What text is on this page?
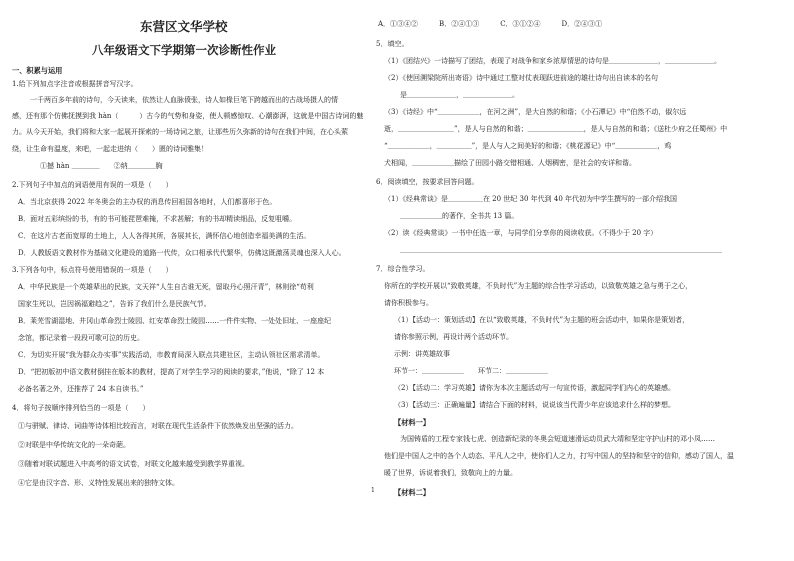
一、积累与运用
1.给下列加点字注音或根据拼音写汉字。
一千两百多年前的诗句，今天读来，依然让人血脉偾张，诗人如椽巨笔下跨越而出的古战场摄人的情
感，还有那个仿佛抚摸到我 hàn（　　　）古今的气势和身姿，使人顿感惊叹、心潮澎湃，这就是中国古诗词的魅
力。从今天开始，我们将和大家一起展开探索的一场诗词之旅，让那些历久弥新的诗句在我们中间，在心头萦
绕，让生命有温度，来吧，一起走进纳（　　）匮的诗词雅集！
①撼 hàn ＿＿＿＿　　②纳＿＿＿＿胸
2.下列句子中加点的词语使用有误的一项是（　　）
A．当北京获得 2022 年冬奥会的主办权的消息传回祖国各地时，人们都喜形于色。
B．面对五彩缤纷的书，有的书可能琵琶难掩，不求甚解；有的书却精读细品，反复咀嚼。
C．在这片古老而宽厚的土地上，人人各得其所，各展其长，满怀信心地创造幸福美满的生活。
D．人教版语文教材作为基础文化建设的道路一代传，众口相承代代繁华，仿佛这既激荡灵魂也深入人心。
3.下列各句中，标点符号使用错误的一项是（　　）
A．中华民族是一个英雄辈出的民族，文天祥“人生自古谁无死，留取丹心照汗青”，林则徐“苟利
国家生死以，岂因祸福避趋之”，告诉了我们什么是民族气节。
B．莱芜雪湖湿地、井冈山革命烈士陵园、红安革命烈士陵园……一件件实物、一处处旧址、一座座纪
念馆，都记录着一段段可歌可泣的历史。
C．为切实开展“我为群众办实事”实践活动，市教育局深入联点共建社区，主动认领社区需求清单。
D．“把初版初中语文教材倒挂在版本的教材，提高了对学生学习的阅读的要求，”他说，“除了 12 本
必备名著之外，还推荐了 24 本自读书。”
4．将句子按顺序排列恰当的一项是（　　）
①与骈赋、律诗、词曲等诗体相比较而言，对联在现代生活条件下依然焕发出坚强的活力。
②对联是中华传统文化的一朵奇葩。
③随着对联试题进入中高考的语文试卷，对联文化越来越受到教学界重视。
④它是由汉字音、形、义特性发展出来的独特文体。
东营区文华学校
八年级语文下学期第一次诊断性作业
A．①③④②　　　B．②④①③　　　C．③①②④　　　D．②④③①
5．填空。
（1）《团结兴》一诗描写了团结，表现了对战争和家乡浓厚情思的诗句是＿＿＿＿＿＿＿，＿＿＿＿＿＿＿。
（2）《使回溯梁院所出寄语》诗中通过工整对仗表现跃进前途的雄壮诗句出自读本的名句
是＿＿＿＿＿＿＿，＿＿＿＿＿＿＿。
（3）《诗经》中“＿＿＿＿＿＿，在河之洲”，是大自然的和谐；《小石潭记》中“伯然不动，俶尔远
逝，＿＿＿＿＿＿＿＿”，是人与自然的和谐；＿＿＿＿＿＿＿＿，是人与自然的和谐；《送杜少府之任蜀州》中
“＿＿＿＿＿＿，＿＿＿＿＿”，是人与人之间美好的和谐；《桃花源记》中“＿＿＿＿＿＿，鸡
犬相闻，＿＿＿＿＿＿描绘了田园小路交错相通、人烟稠密，是社会的安详和谐。
6．阅读填空，按要求回答问题。
（1）《经典常谈》是＿＿＿＿＿在 20 世纪 30 年代到 40 年代初为中学生撰写的一部介绍我国
＿＿＿＿＿＿的著作，全书共 13 篇。
（2）读《经典常谈》一书中任选一章，与同学们分享你的阅读收获。（不得少于 20 字）
＿＿＿＿＿＿＿＿＿＿＿＿＿＿＿＿＿＿＿＿＿＿＿＿＿＿＿＿＿＿＿＿＿＿＿＿＿＿＿＿＿＿＿＿＿＿
7．综合性学习。
你所在的学校开展以“致敬英雄，不负时代”为主题的综合性学习活动，以致敬英雄之急与勇于之心，
请你积极参与。
（1）【活动一：策划活动】在以“致敬英雄，不负时代”为主题的班会活动中，如果你是策划者，
请你参照示例，再设计两个活动环节。
示例：讲英雄故事
环节一：＿＿＿＿＿＿　　环节二：＿＿＿＿＿＿
（2）【活动二：学习英雄】请你为本次主题活动写一句宣传语，激起同学们内心的英雄感。
（3）【活动三：正确遍量】请结合下面的材料，说说该当代青少年应该追求什么样的梦想。
【材料一】
为国铸盾的工程专家钱七虎、创造新纪录的冬奥会短道速滑运动员武大靖和坚定守护山村的邓小凤……
他们是中国人之中的各个人动态、平凡人之中，使你们人之力，打写中国人的坚持和坚守的信仰，感动了国人，温
暖了世界，诉说着我们，致敬向上的力量。
【材料二】
1
